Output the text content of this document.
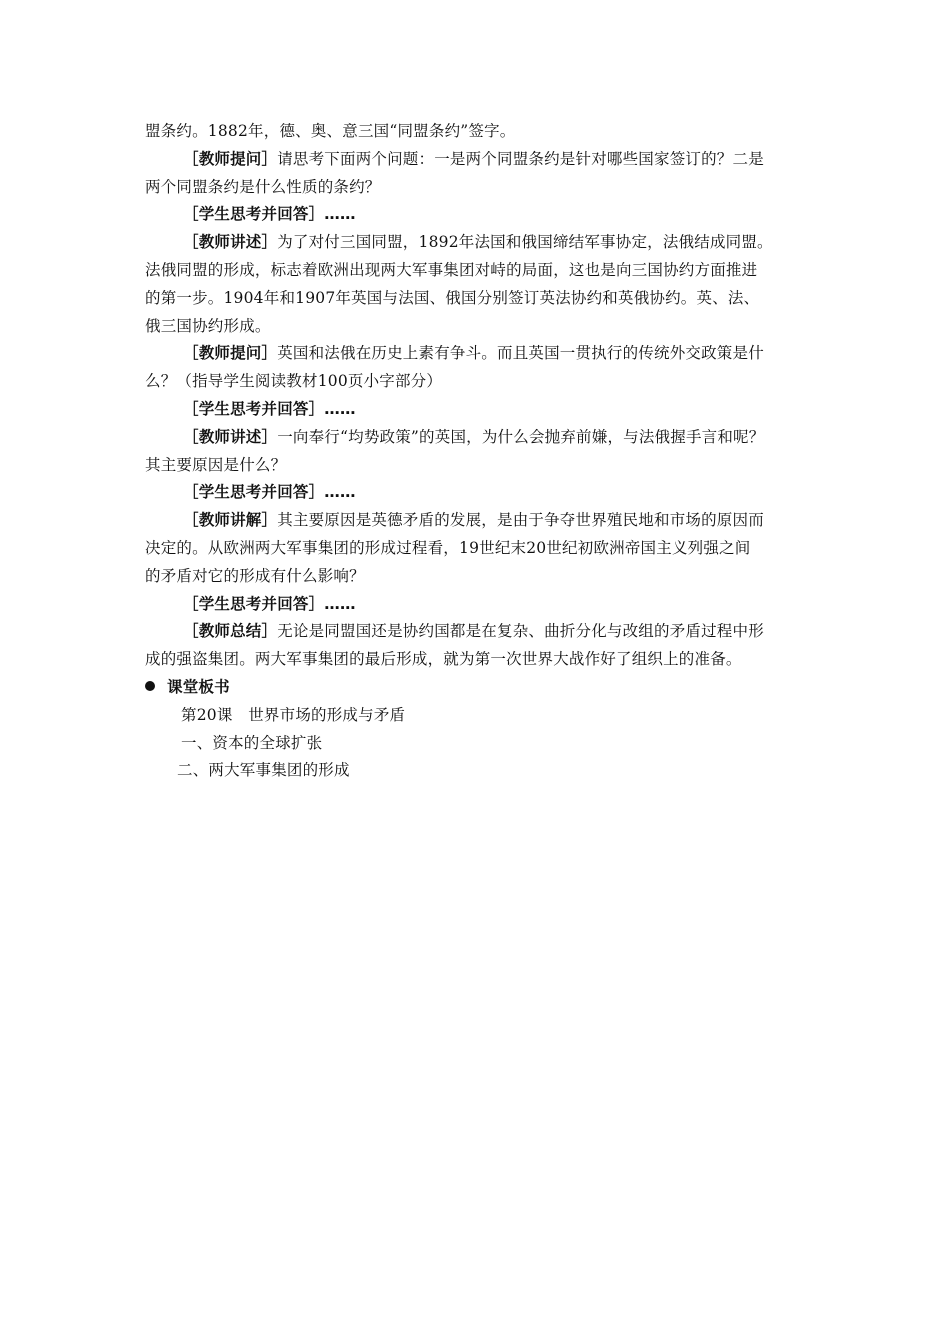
盟条约。1882年，德、奥、意三国“同盟条约”签字。
［教师提问］请思考下面两个问题：一是两个同盟条约是针对哪些国家签订的？二是
两个同盟条约是什么性质的条约？
［学生思考并回答］……
［教师讲述］为了对付三国同盟，1892年法国和俄国缔结军事协定，法俄结成同盟。
法俄同盟的形成，标志着欧洲出现两大军事集团对峙的局面，这也是向三国协约方面推进
的第一步。1904年和1907年英国与法国、俄国分别签订英法协约和英俄协约。英、法、
俄三国协约形成。
［教师提问］英国和法俄在历史上素有争斗。而且英国一贯执行的传统外交政策是什
么？（指导学生阅读教材100页小字部分）
［学生思考并回答］……
［教师讲述］一向奉行“均势政策”的英国，为什么会抛弃前嫌，与法俄握手言和呢？
其主要原因是什么？
［学生思考并回答］……
［教师讲解］其主要原因是英德矛盾的发展，是由于争夺世界殖民地和市场的原因而
决定的。从欧洲两大军事集团的形成过程看，19世纪末20世纪初欧洲帝国主义列强之间
的矛盾对它的形成有什么影响？
［学生思考并回答］……
［教师总结］无论是同盟国还是协约国都是在复杂、曲折分化与改组的矛盾过程中形
成的强盗集团。两大军事集团的最后形成，就为第一次世界大战作好了组织上的准备。
课堂板书
第20课　世界市场的形成与矛盾
一、资本的全球扩张
二、两大军事集团的形成
